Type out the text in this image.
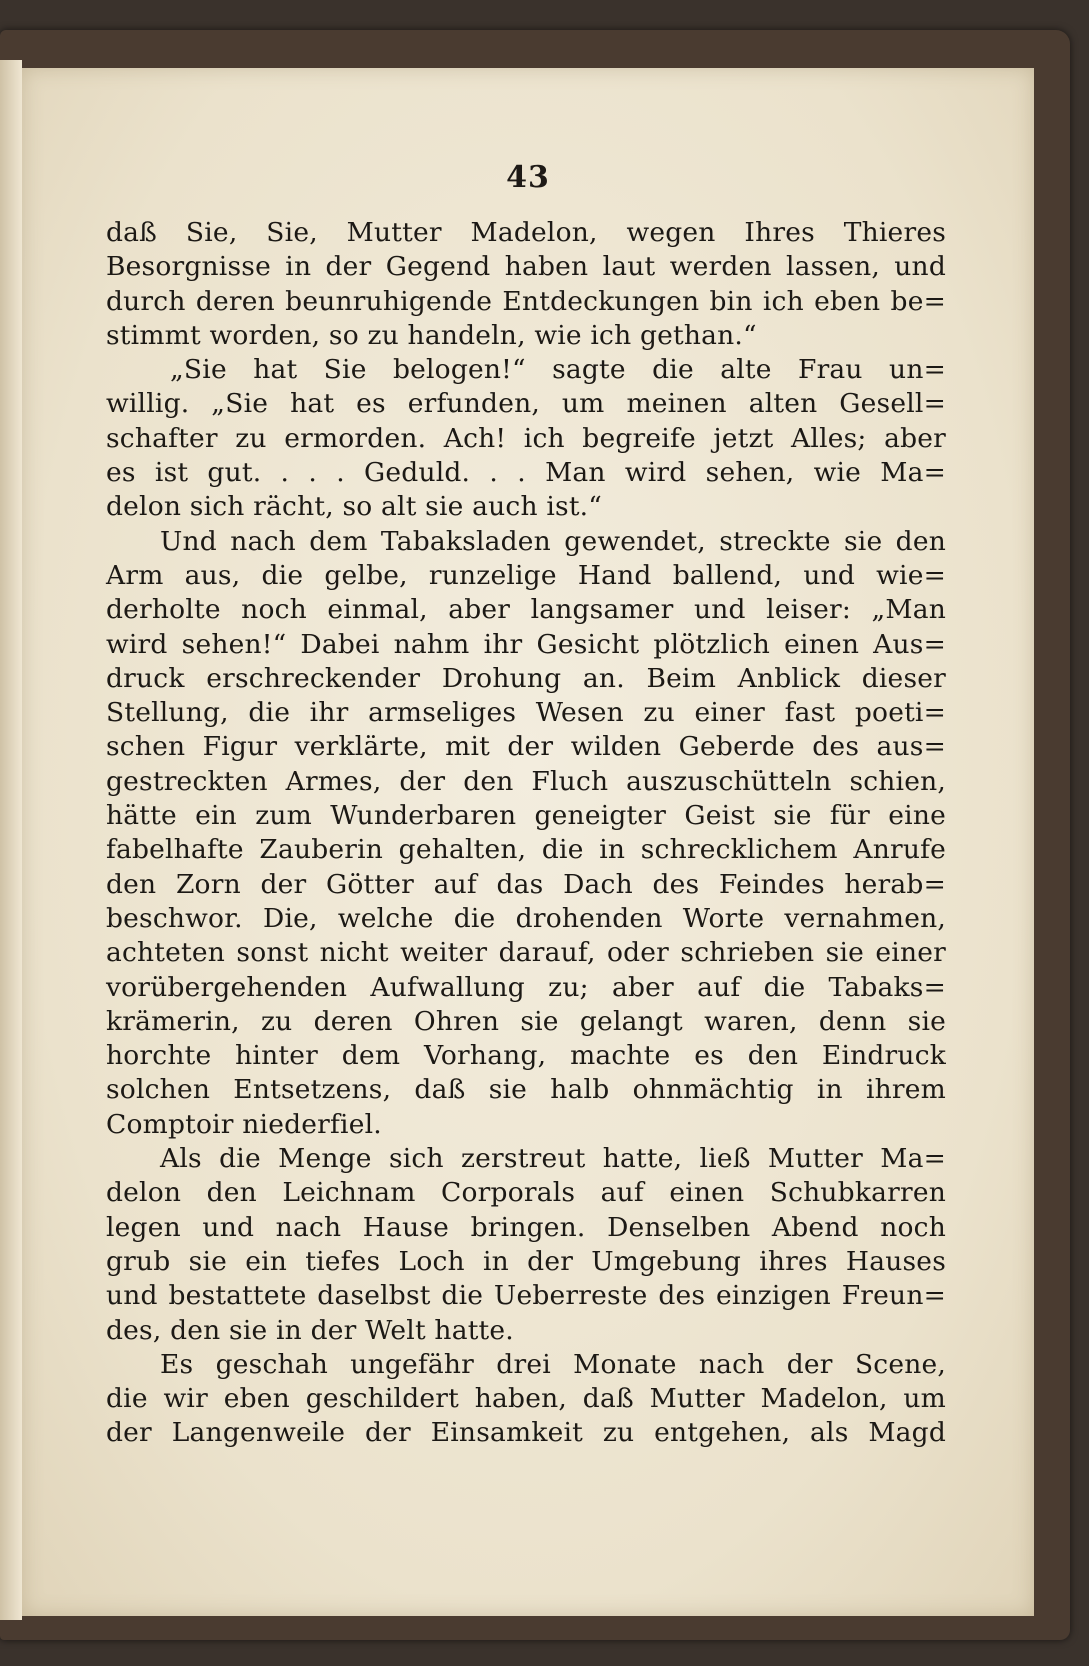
43
daß Sie, Sie, Mutter Madelon, wegen Ihres Thieres
Besorgnisse in der Gegend haben laut werden lassen, und
durch deren beunruhigende Entdeckungen bin ich eben be=
stimmt worden, so zu handeln, wie ich gethan.“
„Sie hat Sie belogen!“ sagte die alte Frau un=
willig. „Sie hat es erfunden, um meinen alten Gesell=
schafter zu ermorden. Ach! ich begreife jetzt Alles; aber
es ist gut. . . . Geduld. . . Man wird sehen, wie Ma=
delon sich rächt, so alt sie auch ist.“
Und nach dem Tabaksladen gewendet, streckte sie den
Arm aus, die gelbe, runzelige Hand ballend, und wie=
derholte noch einmal, aber langsamer und leiser: „Man
wird sehen!“ Dabei nahm ihr Gesicht plötzlich einen Aus=
druck erschreckender Drohung an. Beim Anblick dieser
Stellung, die ihr armseliges Wesen zu einer fast poeti=
schen Figur verklärte, mit der wilden Geberde des aus=
gestreckten Armes, der den Fluch auszuschütteln schien,
hätte ein zum Wunderbaren geneigter Geist sie für eine
fabelhafte Zauberin gehalten, die in schrecklichem Anrufe
den Zorn der Götter auf das Dach des Feindes herab=
beschwor. Die, welche die drohenden Worte vernahmen,
achteten sonst nicht weiter darauf, oder schrieben sie einer
vorübergehenden Aufwallung zu; aber auf die Tabaks=
krämerin, zu deren Ohren sie gelangt waren, denn sie
horchte hinter dem Vorhang, machte es den Eindruck
solchen Entsetzens, daß sie halb ohnmächtig in ihrem
Comptoir niederfiel.
Als die Menge sich zerstreut hatte, ließ Mutter Ma=
delon den Leichnam Corporals auf einen Schubkarren
legen und nach Hause bringen. Denselben Abend noch
grub sie ein tiefes Loch in der Umgebung ihres Hauses
und bestattete daselbst die Ueberreste des einzigen Freun=
des, den sie in der Welt hatte.
Es geschah ungefähr drei Monate nach der Scene,
die wir eben geschildert haben, daß Mutter Madelon, um
der Langenweile der Einsamkeit zu entgehen, als Magd
